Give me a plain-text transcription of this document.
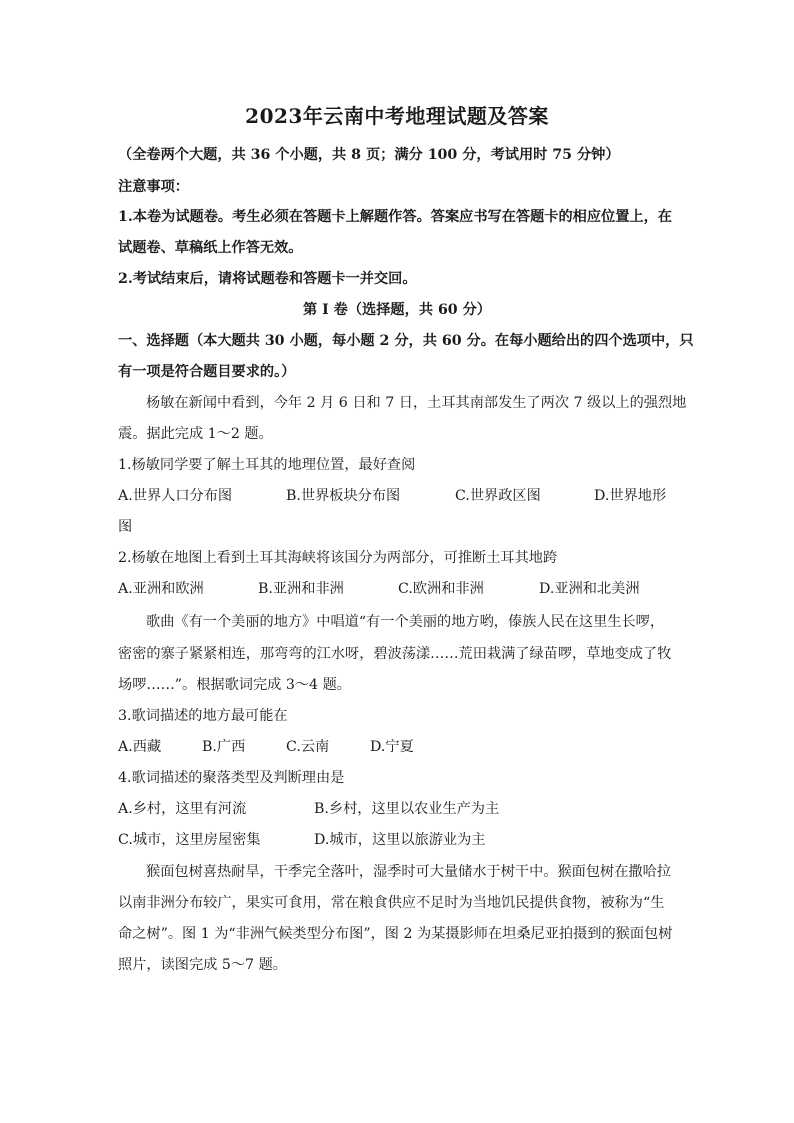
2023年云南中考地理试题及答案
（全卷两个大题，共 36 个小题，共 8 页；满分 100 分，考试用时 75 分钟）
注意事项：
1.本卷为试题卷。考生必须在答题卡上解题作答。答案应书写在答题卡的相应位置上，在
试题卷、草稿纸上作答无效。
2.考试结束后，请将试题卷和答题卡一并交回。
第 I 卷（选择题，共 60 分）
一、选择题（本大题共 30 小题，每小题 2 分，共 60 分。在每小题给出的四个选项中，只
有一项是符合题目要求的。）
杨敏在新闻中看到，今年 2 月 6 日和 7 日，土耳其南部发生了两次 7 级以上的强烈地
震。据此完成 1～2 题。
1.杨敏同学要了解土耳其的地理位置，最好查阅
A.世界人口分布图	B.世界板块分布图	C.世界政区图	D.世界地形
图
2.杨敏在地图上看到土耳其海峡将该国分为两部分，可推断土耳其地跨
A.亚洲和欧洲	B.亚洲和非洲	C.欧洲和非洲	D.亚洲和北美洲
歌曲《有一个美丽的地方》中唱道“有一个美丽的地方哟，傣族人民在这里生长啰，
密密的寨子紧紧相连，那弯弯的江水呀，碧波荡漾……荒田栽满了绿苗啰，草地变成了牧
场啰……”。根据歌词完成 3～4 题。
3.歌词描述的地方最可能在
A.西藏	B.广西	C.云南	D.宁夏
4.歌词描述的聚落类型及判断理由是
A.乡村，这里有河流	B.乡村，这里以农业生产为主
C.城市，这里房屋密集	D.城市，这里以旅游业为主
猴面包树喜热耐旱，干季完全落叶，湿季时可大量储水于树干中。猴面包树在撒哈拉
以南非洲分布较广，果实可食用，常在粮食供应不足时为当地饥民提供食物，被称为“生
命之树”。图 1 为“非洲气候类型分布图”，图 2 为某摄影师在坦桑尼亚拍摄到的猴面包树
照片，读图完成 5～7 题。
